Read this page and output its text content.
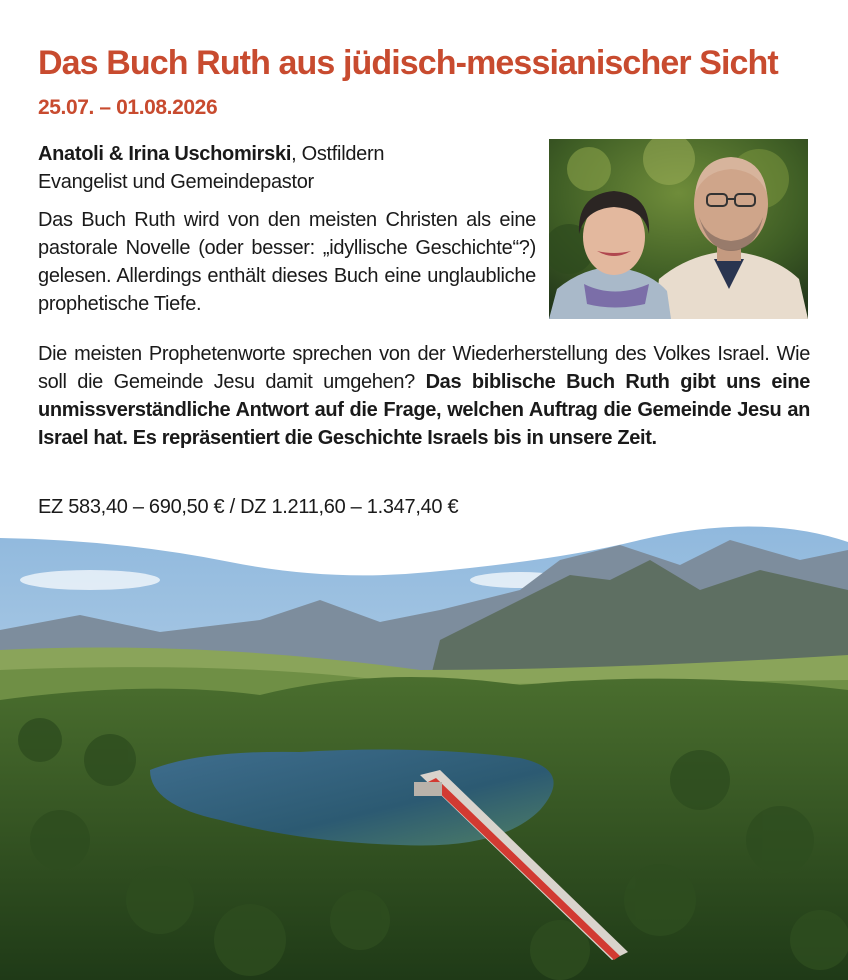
Das Buch Ruth aus jüdisch-messianischer Sicht
25.07. – 01.08.2026
Anatoli & Irina Uschomirski, Ostfildern
Evangelist und Gemeindepastor

Das Buch Ruth wird von den meisten Christen als eine pastorale Novelle (oder besser: „idyllische Geschichte“?) gelesen. Allerdings enthält dieses Buch eine unglaubliche prophetische Tiefe.

Die meisten Prophetenworte sprechen von der Wiederherstellung des Volkes Israel. Wie soll die Gemeinde Jesu damit umgehen? Das biblische Buch Ruth gibt uns eine unmissverständliche Antwort auf die Frage, welchen Auftrag die Gemeinde Jesu an Israel hat. Es repräsentiert die Geschichte Israels bis in unsere Zeit.

EZ 583,40 – 690,50 € / DZ 1.211,60 – 1.347,40 €
